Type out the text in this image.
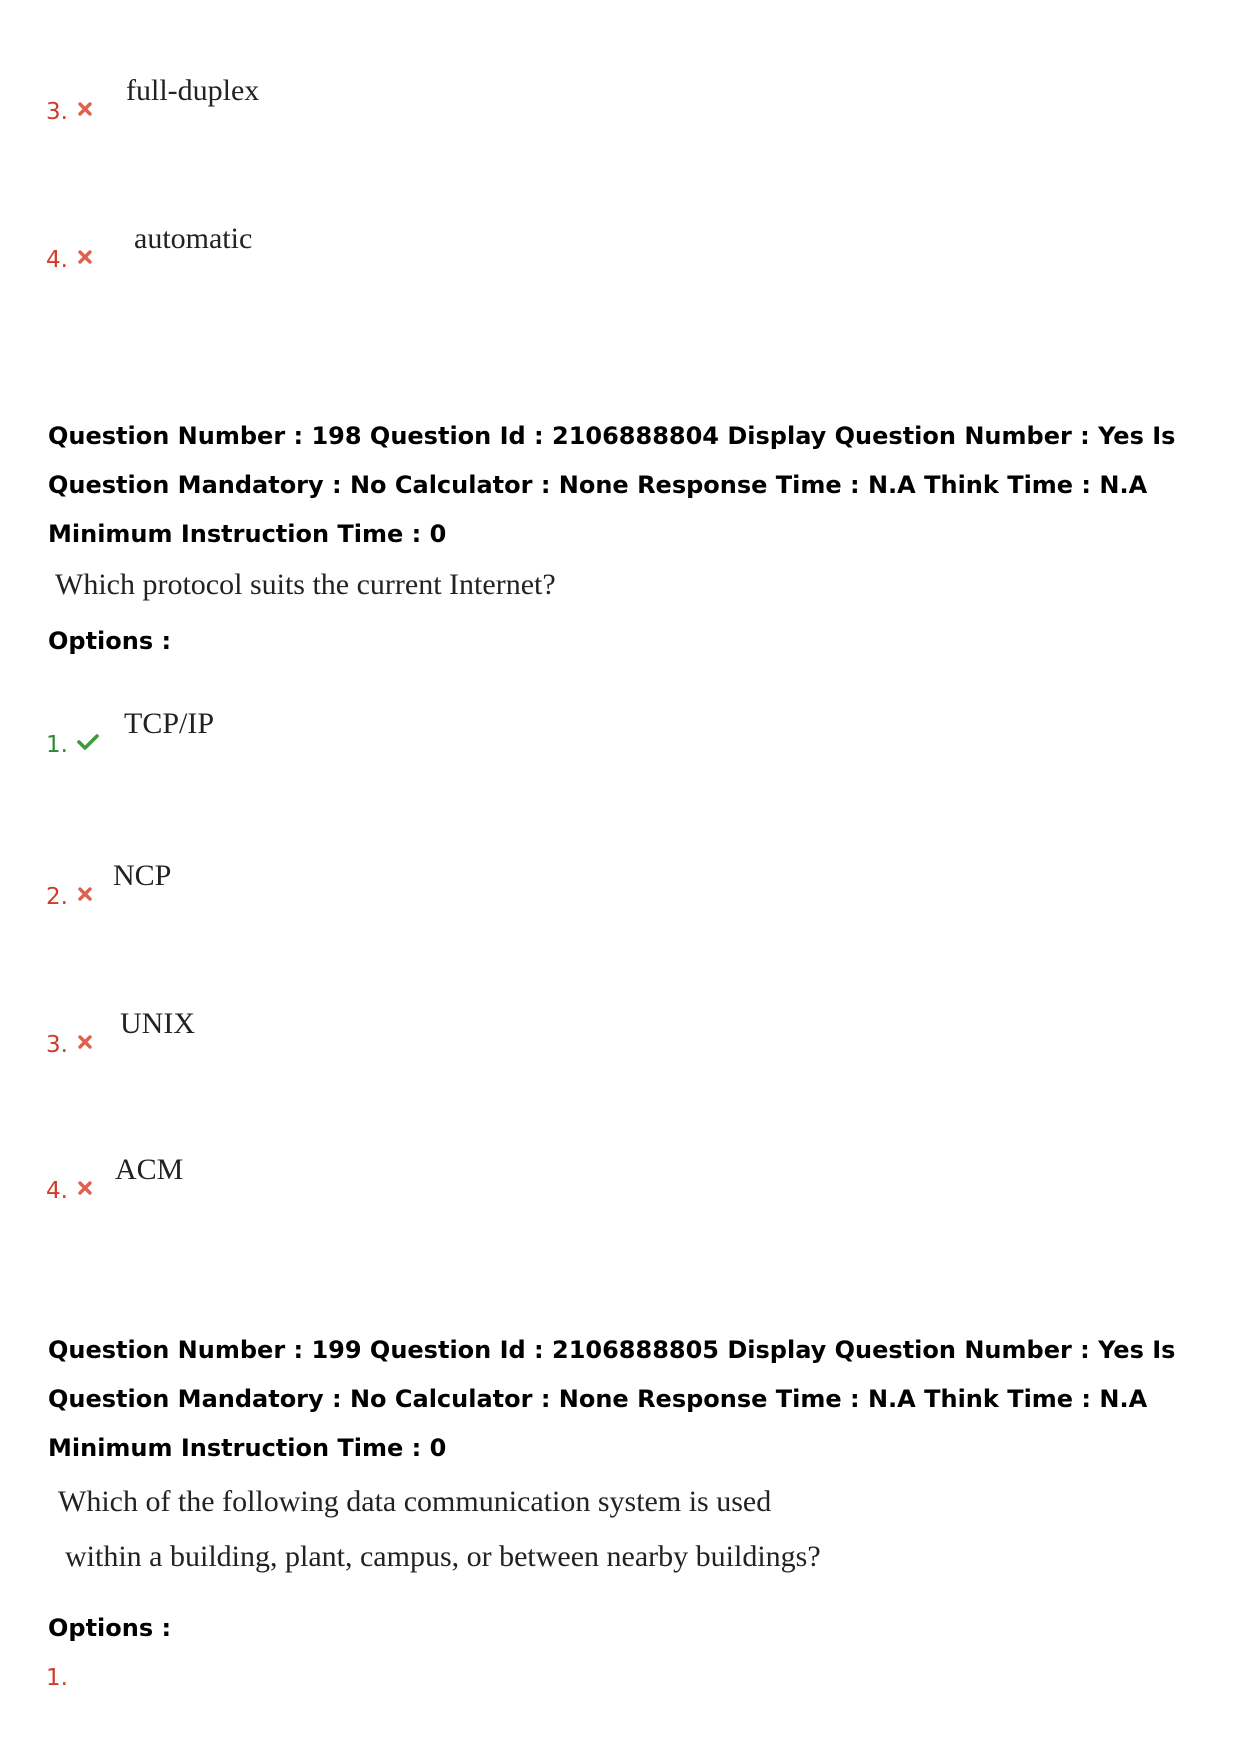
3.
full-duplex
4.
automatic
Question Number : 198 Question Id : 2106888804 Display Question Number : Yes Is Question Mandatory : No Calculator : None Response Time : N.A Think Time : N.A Minimum Instruction Time : 0
Which protocol suits the current Internet?
Options :
1.
TCP/IP
2.
NCP
3.
UNIX
4.
ACM
Question Number : 199 Question Id : 2106888805 Display Question Number : Yes Is Question Mandatory : No Calculator : None Response Time : N.A Think Time : N.A Minimum Instruction Time : 0
Which of the following data communication system is used
within a building, plant, campus, or between nearby buildings?
Options :
1.
